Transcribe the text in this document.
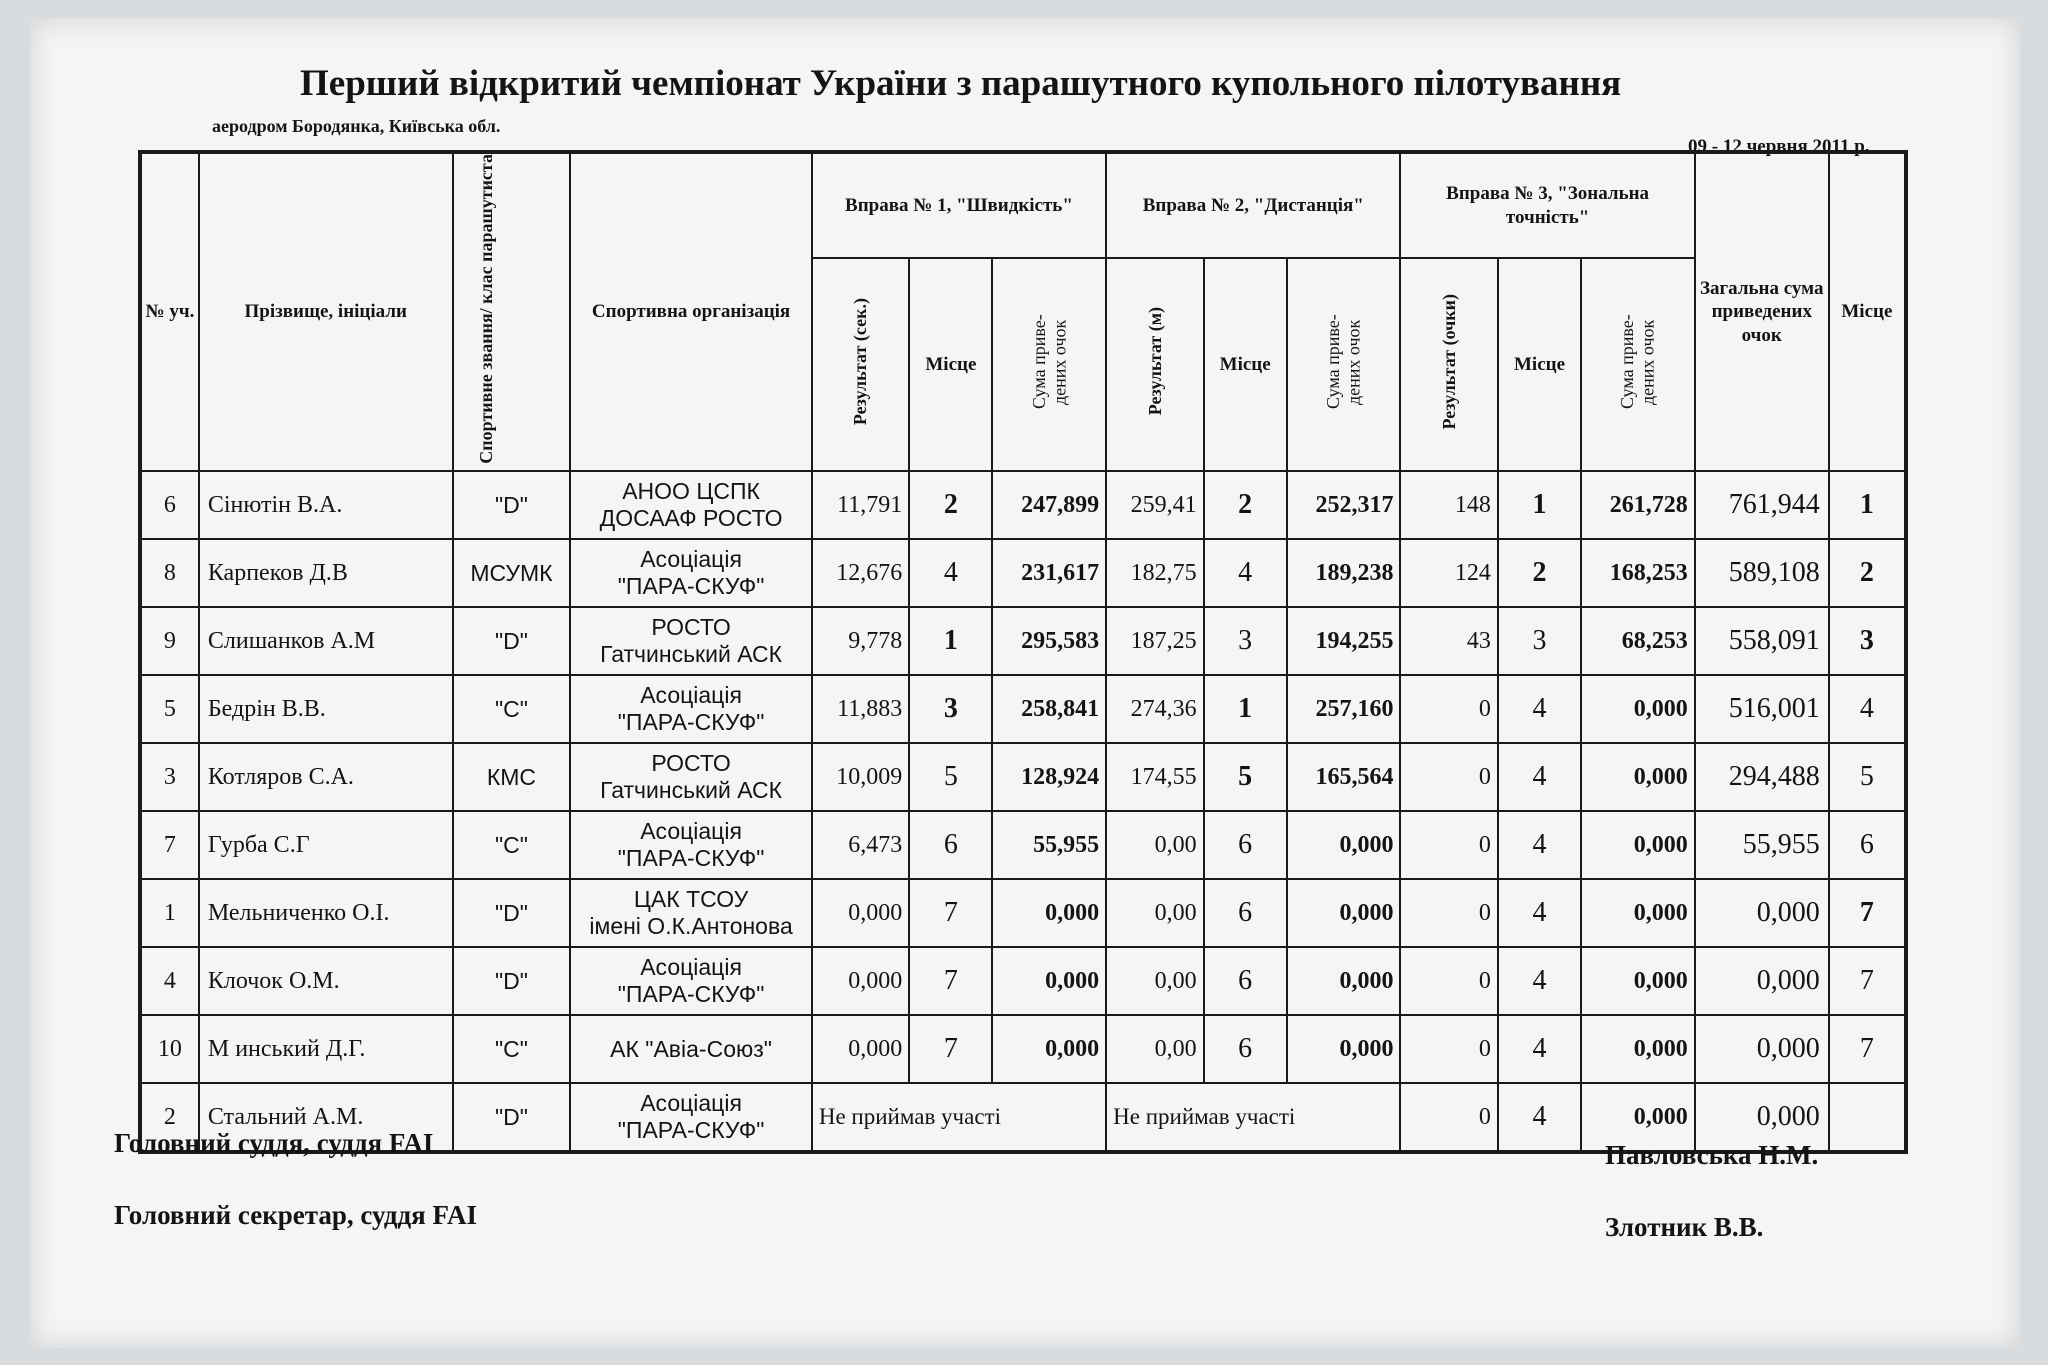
Перший відкритий чемпіонат України з парашутного купольного пілотування
аеродром Бородянка, Київська обл.
09 - 12 червня 2011 р.
№ уч.	Прізвище, ініціали	Спортивне звання/ клас парашутиста	Спортивна організація	Вправа № 1, "Швидкість"			Вправа № 2, "Дистанція"			Вправа № 3, "Зональна точність"			Загальна сума приведених очок	Місце
				Результат (сек.)	Місце	Сума приве- дених очок	Результат (м)	Місце	Сума приве- дених очок	Результат (очки)	Місце	Сума приве- дених очок		
6	Сінютін В.А.	"D"	АНОО ЦСПК
ДОСААФ РОСТО	11,791	2	247,899	259,41	2	252,317	148	1	261,728	761,944	1
8	Карпеков Д.В	МСУМК	Асоціація
"ПАРА-СКУФ"	12,676	4	231,617	182,75	4	189,238	124	2	168,253	589,108	2
9	Слишанков А.М	"D"	РОСТО
Гатчинський АСК	9,778	1	295,583	187,25	3	194,255	43	3	68,253	558,091	3
5	Бедрін В.В.	"C"	Асоціація
"ПАРА-СКУФ"	11,883	3	258,841	274,36	1	257,160	0	4	0,000	516,001	4
3	Котляров С.А.	КМС	РОСТО
Гатчинський АСК	10,009	5	128,924	174,55	5	165,564	0	4	0,000	294,488	5
7	Гурба С.Г	"C"	Асоціація
"ПАРА-СКУФ"	6,473	6	55,955	0,00	6	0,000	0	4	0,000	55,955	6
1	Мельниченко О.І.	"D"	ЦАК ТСОУ
імені О.К.Антонова	0,000	7	0,000	0,00	6	0,000	0	4	0,000	0,000	7
4	Клочок О.М.	"D"	Асоціація
"ПАРА-СКУФ"	0,000	7	0,000	0,00	6	0,000	0	4	0,000	0,000	7
10	М инський Д.Г.	"C"	АК "Авіа-Союз"	0,000	7	0,000	0,00	6	0,000	0	4	0,000	0,000	7
2	Стальний А.М.	"D"	Асоціація
"ПАРА-СКУФ"	Не приймав участі			Не приймав участі			0	4	0,000	0,000	
Головний суддя, суддя FAI	Павловська Н.М.
Головний секретар, суддя FAI	Злотник В.В.
